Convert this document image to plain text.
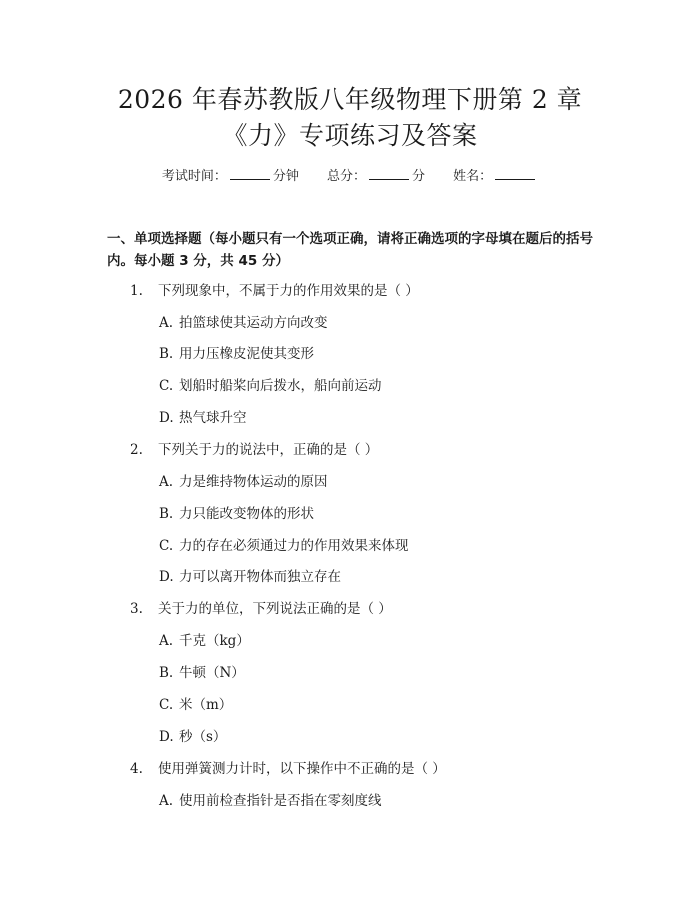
2026 年春苏教版八年级物理下册第 2 章
《力》专项练习及答案
考试时间：	分钟 总分：	分 姓名：
一、单项选择题（每小题只有一个选项正确，请将正确选项的字母填在题后的括号内。每小题 3 分，共 45 分）
1. 下列现象中，不属于力的作用效果的是（ ）
A. 拍篮球使其运动方向改变
B. 用力压橡皮泥使其变形
C. 划船时船桨向后拨水，船向前运动
D. 热气球升空
2. 下列关于力的说法中，正确的是（ ）
A. 力是维持物体运动的原因
B. 力只能改变物体的形状
C. 力的存在必须通过力的作用效果来体现
D. 力可以离开物体而独立存在
3. 关于力的单位，下列说法正确的是（ ）
A. 千克（kg）
B. 牛顿（N）
C. 米（m）
D. 秒（s）
4. 使用弹簧测力计时，以下操作中不正确的是（ ）
A. 使用前检查指针是否指在零刻度线
